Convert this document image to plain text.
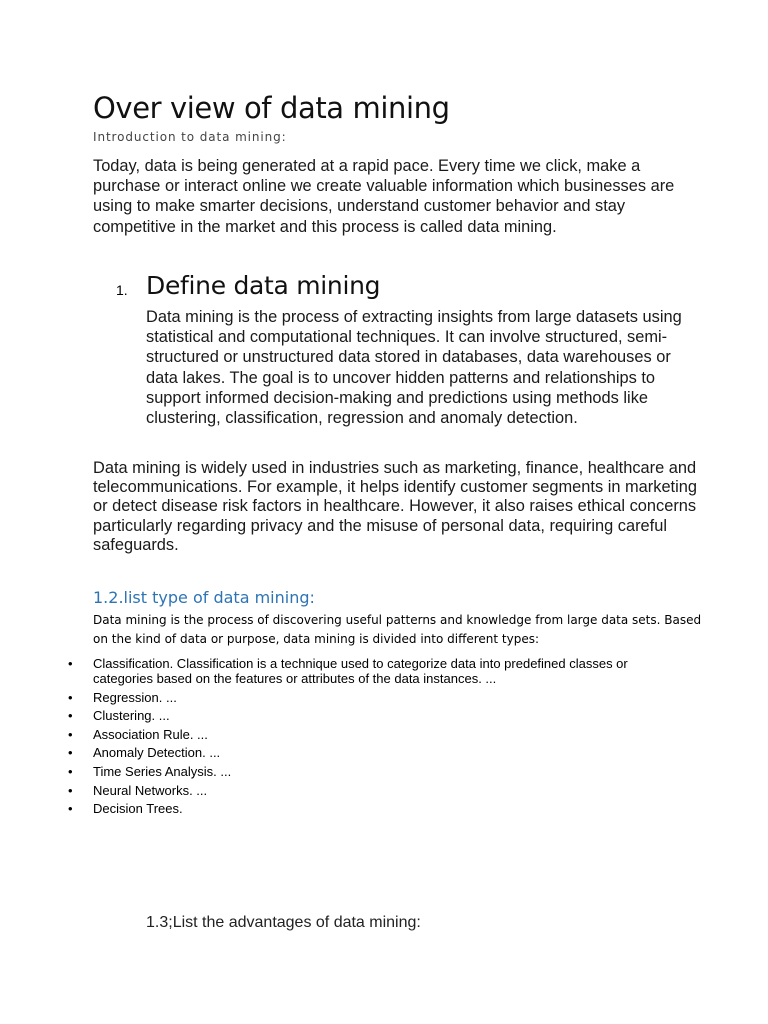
Over view of data mining

Introduction to data mining:

Today, data is being generated at a rapid pace. Every time we click, make a purchase or interact online we create valuable information which businesses are using to make smarter decisions, understand customer behavior and stay competitive in the market and this process is called data mining.

1. Define data mining

Data mining is the process of extracting insights from large datasets using statistical and computational techniques. It can involve structured, semi-structured or unstructured data stored in databases, data warehouses or data lakes. The goal is to uncover hidden patterns and relationships to support informed decision-making and predictions using methods like clustering, classification, regression and anomaly detection.

Data mining is widely used in industries such as marketing, finance, healthcare and telecommunications. For example, it helps identify customer segments in marketing or detect disease risk factors in healthcare. However, it also raises ethical concerns particularly regarding privacy and the misuse of personal data, requiring careful safeguards.

1.2.list type of data mining:

Data mining is the process of discovering useful patterns and knowledge from large data sets. Based on the kind of data or purpose, data mining is divided into different types:

• Classification. Classification is a technique used to categorize data into predefined classes or categories based on the features or attributes of the data instances. ...
• Regression. ...
• Clustering. ...
• Association Rule. ...
• Anomaly Detection. ...
• Time Series Analysis. ...
• Neural Networks. ...
• Decision Trees.

1.3;List the advantages of data mining:
